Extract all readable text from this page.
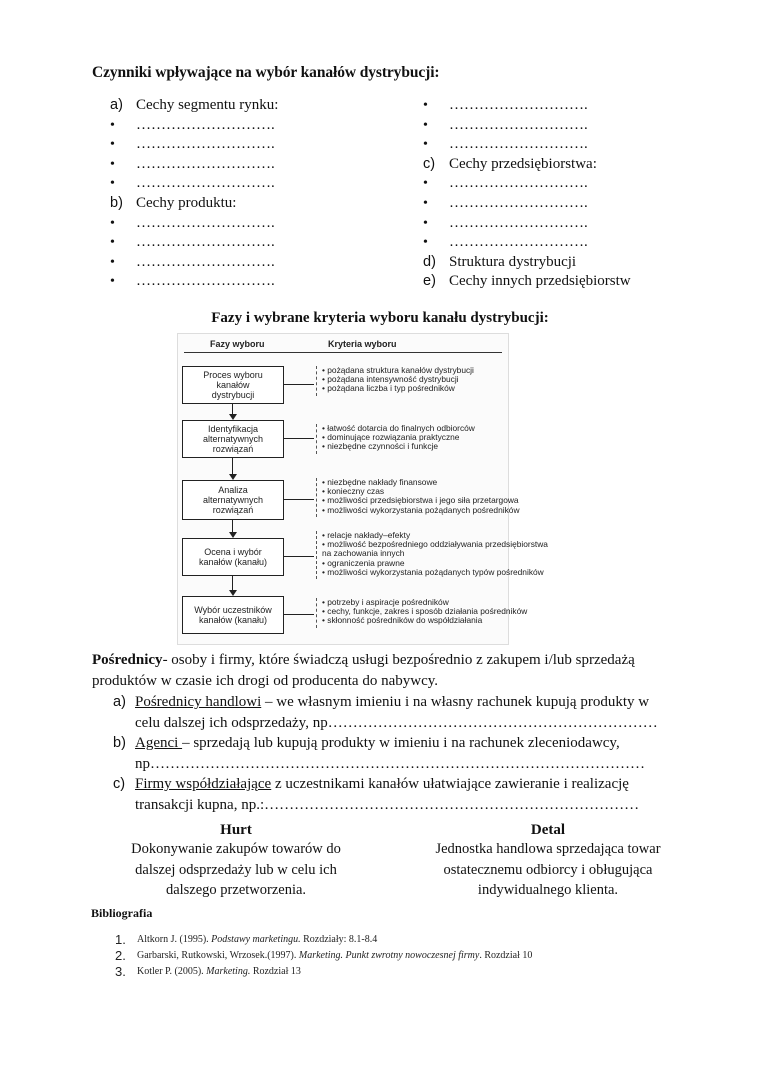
Czynniki wpływające na wybór kanałów dystrybucji:
a) Cechy segmentu rynku:
•	……………………….
•	……………………….
•	……………………….
•	……………………….
b) Cechy produktu:
•	……………………….
•	……………………….
•	……………………….
•	……………………….
•	……………………….
•	……………………….
•	……………………….
c) Cechy przedsiębiorstwa:
•	……………………….
•	……………………….
•	……………………….
•	……………………….
d) Struktura dystrybucji
e) Cechy innych przedsiębiorstw
Fazy i wybrane kryteria wyboru kanału dystrybucji:
Fazy wyboru	Kryteria wyboru
Proces wyboru
kanałów
dystrybucji
Identyfikacja
alternatywnych
rozwiązań
Analiza
alternatywnych
rozwiązań
Ocena i wybór
kanałów (kanału)
Wybór uczestników
kanałów (kanału)
• pożądana struktura kanałów dystrybucji
• pożądana intensywność dystrybucji
• pożądana liczba i typ pośredników
• łatwość dotarcia do finalnych odbiorców
• dominujące rozwiązania praktyczne
• niezbędne czynności i funkcje
• niezbędne nakłady finansowe
• konieczny czas
• możliwości przedsiębiorstwa i jego siła przetargowa
• możliwości wykorzystania pożądanych pośredników
• relacje nakłady–efekty
• możliwość bezpośredniego oddziaływania przedsiębiorstwa
na zachowania innych
• ograniczenia prawne
• możliwości wykorzystania pożądanych typów pośredników
• potrzeby i aspiracje pośredników
• cechy, funkcje, zakres i sposób działania pośredników
• skłonność pośredników do współdziałania
Pośrednicy- osoby i firmy, które świadczą usługi bezpośrednio z zakupem i/lub sprzedażą produktów w czasie ich drogi od producenta do nabywcy.
a) Pośrednicy handlowi – we własnym imieniu i na własny rachunek kupują produkty w celu dalszej ich odsprzedaży, np…………………………………………………………
b) Agenci – sprzedają lub kupują produkty w imieniu i na rachunek zleceniodawcy, np………………………………………………………………………………………
c) Firmy współdziałające z uczestnikami kanałów ułatwiające zawieranie i realizację transakcji kupna, np.:…………………………………………………………………
Hurt
Dokonywanie zakupów towarów do dalszej odsprzedaży lub w celu ich dalszego przetworzenia.
Detal
Jednostka handlowa sprzedająca towar ostatecznemu odbiorcy i obługująca indywidualnego klienta.
Bibliografia
1. Altkorn J. (1995). Podstawy marketingu. Rozdziały: 8.1-8.4
2. Garbarski, Rutkowski, Wrzosek.(1997). Marketing. Punkt zwrotny nowoczesnej firmy. Rozdział 10
3. Kotler P. (2005). Marketing. Rozdział 13
